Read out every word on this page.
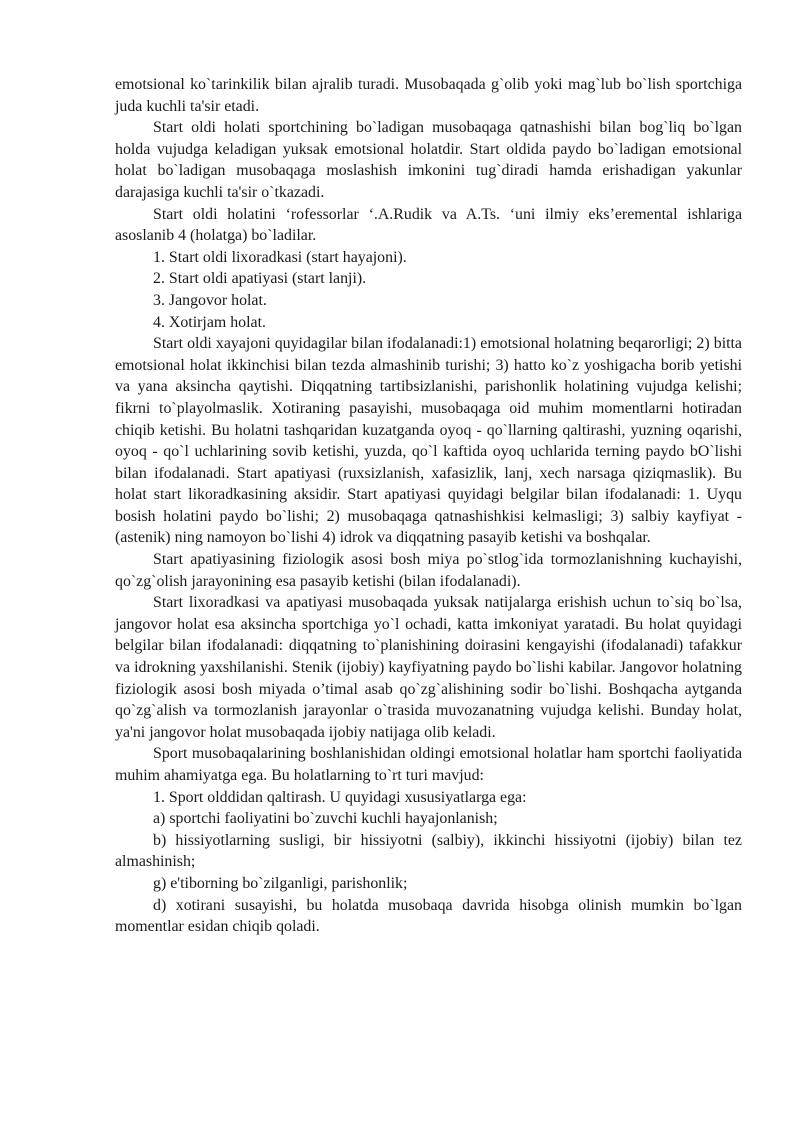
emotsional ko`tarinkilik bilan ajralib turadi. Musobaqada g`olib yoki mag`lub bo`lish sportchiga juda kuchli ta'sir etadi.

Start oldi holati sportchining bo`ladigan musobaqaga qatnashishi bilan bog`liq bo`lgan holda vujudga keladigan yuksak emotsional holatdir. Start oldida paydo bo`ladigan emotsional holat bo`ladigan musobaqaga moslashish imkonini tug`diradi hamda erishadigan yakunlar darajasiga kuchli ta'sir o`tkazadi.

Start oldi holatini ‘rofessorlar ‘.A.Rudik va A.Ts. ‘uni ilmiy eks’eremental ishlariga asoslanib 4 (holatga) bo`ladilar.

1. Start oldi lixoradkasi (start hayajoni).

2. Start oldi apatiyasi (start lanji).

3. Jangovor holat.

4. Xotirjam holat.

Start oldi xayajoni quyidagilar bilan ifodalanadi:1) emotsional holatning beqarorligi; 2) bitta emotsional holat ikkinchisi bilan tezda almashinib turishi; 3) hatto ko`z yoshigacha borib yetishi va yana aksincha qaytishi. Diqqatning tartibsizlanishi, parishonlik holatining vujudga kelishi; fikrni to`playolmaslik. Xotiraning pasayishi, musobaqaga oid muhim momentlarni hotiradan chiqib ketishi. Bu holatni tashqaridan kuzatganda oyoq - qo`llarning qaltirashi, yuzning oqarishi, oyoq - qo`l uchlarining sovib ketishi, yuzda, qo`l kaftida oyoq uchlarida terning paydo bO`lishi bilan ifodalanadi. Start apatiyasi (ruxsizlanish, xafasizlik, lanj, xech narsaga qiziqmaslik). Bu holat start likoradkasining aksidir. Start apatiyasi quyidagi belgilar bilan ifodalanadi: 1. Uyqu bosish holatini paydo bo`lishi; 2) musobaqaga qatnashishkisi kelmasligi; 3) salbiy kayfiyat - (astenik) ning namoyon bo`lishi 4) idrok va diqqatning pasayib ketishi va boshqalar.

Start apatiyasining fiziologik asosi bosh miya po`stlog`ida tormozlanishning kuchayishi, qo`zg`olish jarayonining esa pasayib ketishi (bilan ifodalanadi).

Start lixoradkasi va apatiyasi musobaqada yuksak natijalarga erishish uchun to`siq bo`lsa, jangovor holat esa aksincha sportchiga yo`l ochadi, katta imkoniyat yaratadi. Bu holat quyidagi belgilar bilan ifodalanadi: diqqatning to`planishining doirasini kengayishi (ifodalanadi) tafakkur va idrokning yaxshilanishi. Stenik (ijobiy) kayfiyatning paydo bo`lishi kabilar. Jangovor holatning fiziologik asosi bosh miyada o’timal asab qo`zg`alishining sodir bo`lishi. Boshqacha aytganda qo`zg`alish va tormozlanish jarayonlar o`trasida muvozanatning vujudga kelishi. Bunday holat, ya'ni jangovor holat musobaqada ijobiy natijaga olib keladi.

Sport musobaqalarining boshlanishidan oldingi emotsional holatlar ham sportchi faoliyatida muhim ahamiyatga ega. Bu holatlarning to`rt turi mavjud:

1. Sport olddidan qaltirash. U quyidagi xususiyatlarga ega:

a) sportchi faoliyatini bo`zuvchi kuchli hayajonlanish;

b) hissiyotlarning susligi, bir hissiyotni (salbiy), ikkinchi hissiyotni (ijobiy) bilan tez almashinish;

g) e'tiborning bo`zilganligi, parishonlik;

d) xotirani susayishi, bu holatda musobaqa davrida hisobga olinish mumkin bo`lgan momentlar esidan chiqib qoladi.
